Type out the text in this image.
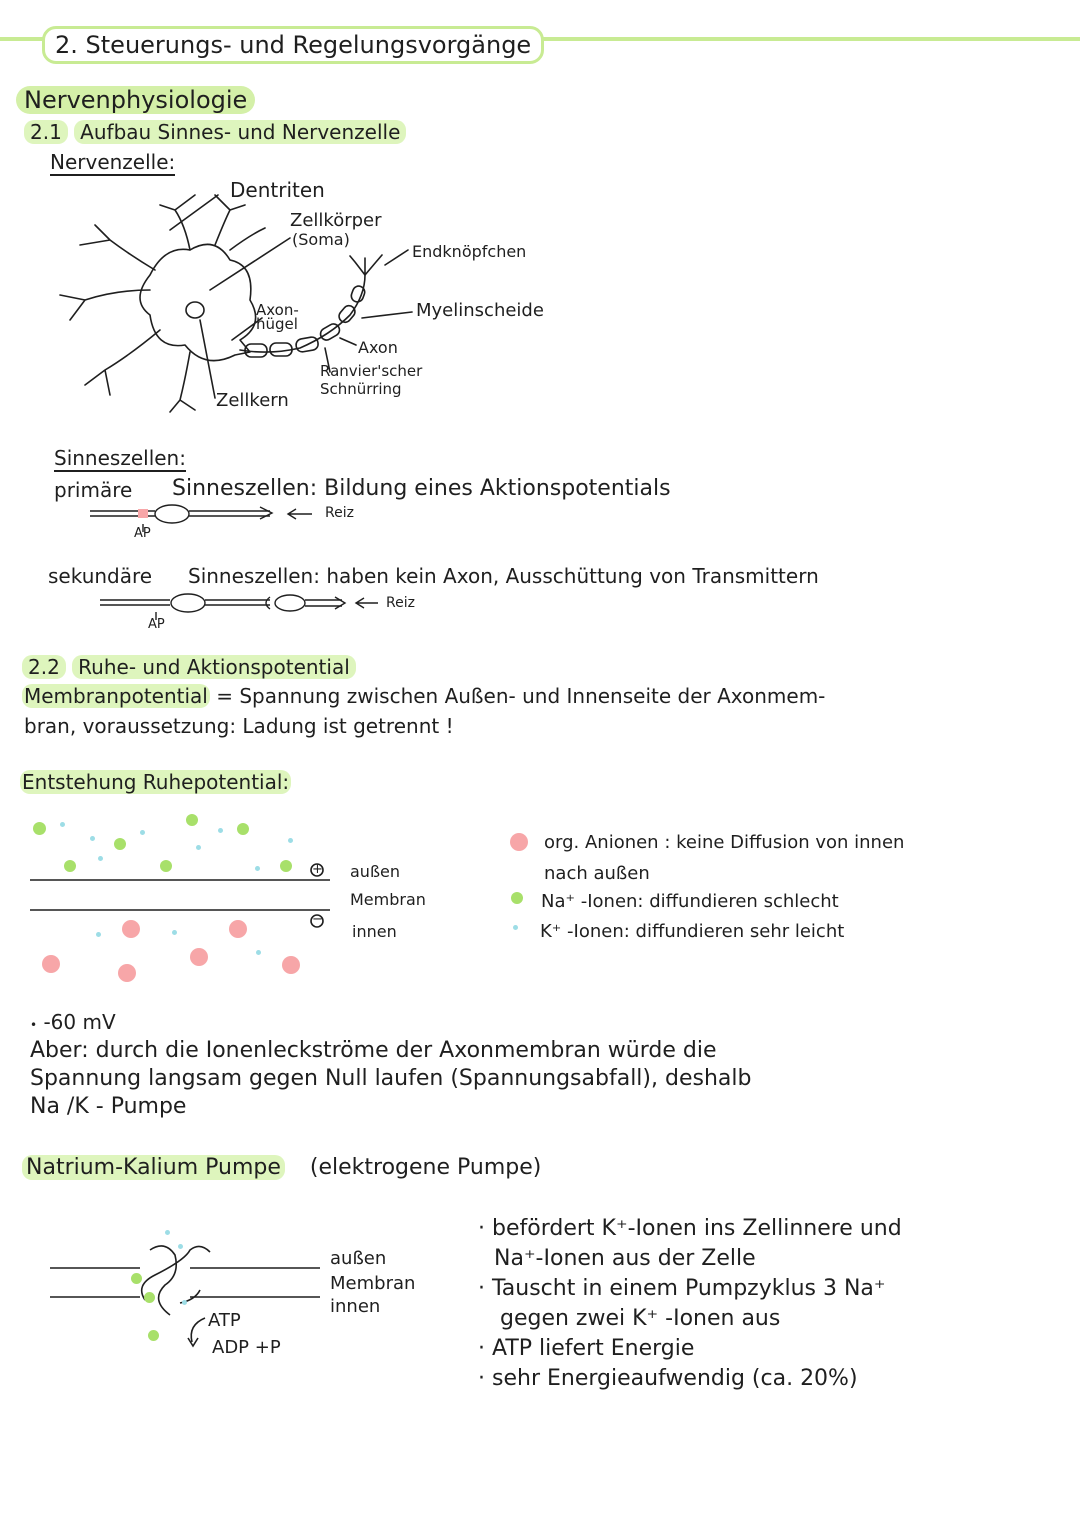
2. Steuerungs- und Regelungsvorgänge
Nervenphysiologie
2.1 Aufbau Sinnes- und Nervenzelle
Nervenzelle:
Dentriten
Zellkörper
(Soma)
Endknöpfchen
Axon-
hügel
Myelinscheide
Axon
Ranvier'scher
Schnürring
Zellkern
Sinneszellen:
primäre Sinneszellen: Bildung eines Aktionspotentials
Reiz
AP
sekundäre Sinneszellen: haben kein Axon, Ausschüttung von Transmittern
Reiz
AP
2.2 Ruhe- und Aktionspotential
Membranpotential = Spannung zwischen Außen- und Innenseite der Axonmem-
bran, voraussetzung: Ladung ist getrennt !
Entstehung Ruhepotential:
+
−
außen
Membran
innen
org. Anionen : keine Diffusion von innen
nach außen
Na⁺ -Ionen: diffundieren schlecht
K⁺ -Ionen: diffundieren sehr leicht
• -60 mV
Aber: durch die Ionenleckströme der Axonmembran würde die
Spannung langsam gegen Null laufen (Spannungsabfall), deshalb
Na /K - Pumpe
Natrium-Kalium Pumpe (elektrogene Pumpe)
außen
Membran
innen
ATP
ADP +P
· befördert K⁺-Ionen ins Zellinnere und
Na⁺-Ionen aus der Zelle
· Tauscht in einem Pumpzyklus 3 Na⁺
gegen zwei K⁺ -Ionen aus
· ATP liefert Energie
· sehr Energieaufwendig (ca. 20%)
